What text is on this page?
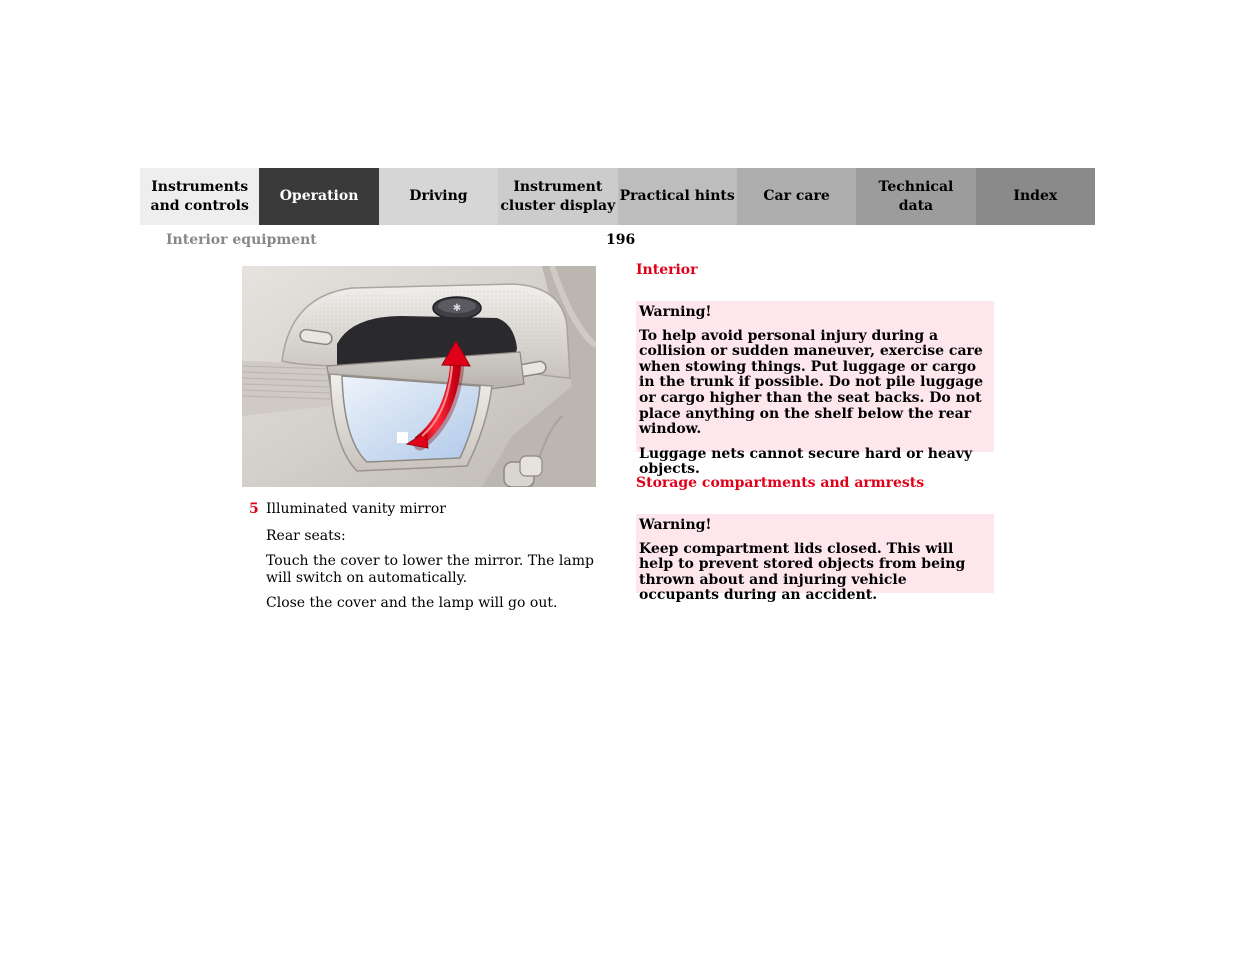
Instruments
and controls
Operation	Driving
Instrument
cluster display
Practical hints	Car care
Technical
data
Index
Interior equipment	196
✱

5 Illuminated vanity mirror

Rear seats:

Touch the cover to lower the mirror. The lamp will switch on automatically.

Close the cover and the lamp will go out.

Interior
Warning!

To help avoid personal injury during a collision or sudden maneuver, exercise care when stowing things. Put luggage or cargo in the trunk if possible. Do not pile luggage or cargo higher than the seat backs. Do not place anything on the shelf below the rear window.

Luggage nets cannot secure hard or heavy objects.

Storage compartments and armrests
Warning!

Keep compartment lids closed. This will help to prevent stored objects from being thrown about and injuring vehicle occupants during an accident.
